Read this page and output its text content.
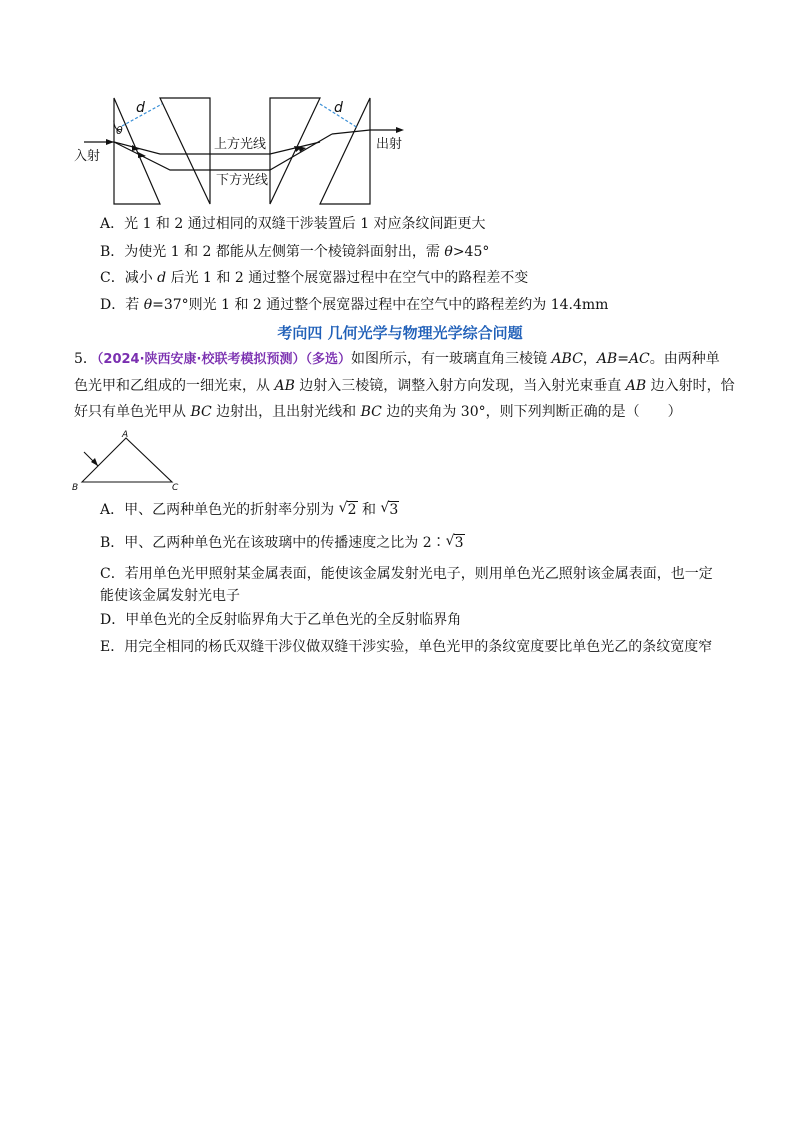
d	d
θ
入射
上方光线
下方光线
出射
A．光 1 和 2 通过相同的双缝干涉装置后 1 对应条纹间距更大
B．为使光 1 和 2 都能从左侧第一个棱镜斜面射出，需 θ>45°
C．减小 d 后光 1 和 2 通过整个展宽器过程中在空气中的路程差不变
D．若 θ=37°则光 1 和 2 通过整个展宽器过程中在空气中的路程差约为 14.4mm
考向四 几何光学与物理光学综合问题
5．（2024·陕西安康·校联考模拟预测）（多选）如图所示，有一玻璃直角三棱镜 ABC，AB=AC。由两种单
色光甲和乙组成的一细光束，从 AB 边射入三棱镜，调整入射方向发现，当入射光束垂直 AB 边入射时，恰
好只有单色光甲从 BC 边射出，且出射光线和 BC 边的夹角为 30°，则下列判断正确的是（　　）
A
B	C
A．甲、乙两种单色光的折射率分别为 √ 2 和 √ 3
B．甲、乙两种单色光在该玻璃中的传播速度之比为 2∶ √ 3
C．若用单色光甲照射某金属表面，能使该金属发射光电子，则用单色光乙照射该金属表面，也一定
能使该金属发射光电子
D．甲单色光的全反射临界角大于乙单色光的全反射临界角
E．用完全相同的杨氏双缝干涉仪做双缝干涉实验，单色光甲的条纹宽度要比单色光乙的条纹宽度窄
